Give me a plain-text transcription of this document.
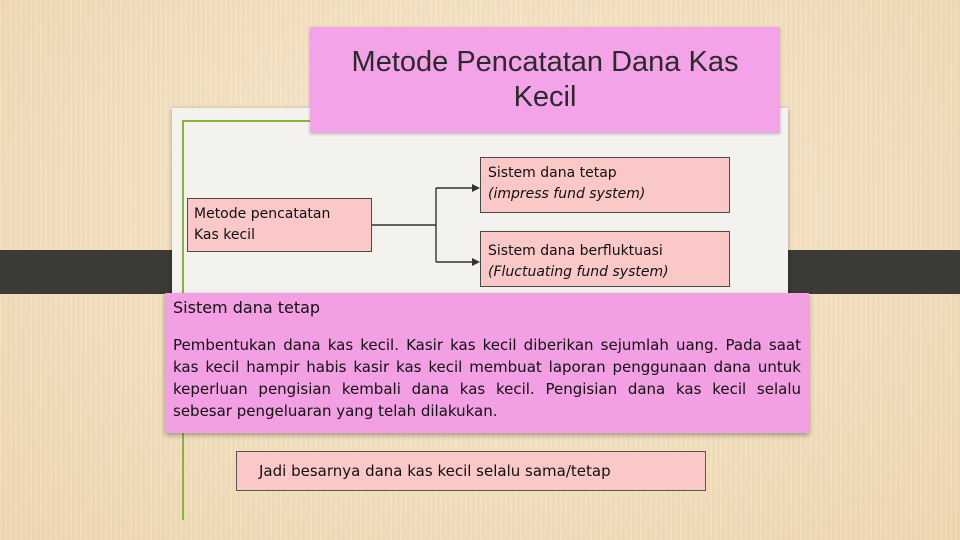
Metode Pencatatan Dana Kas Kecil
Metode pencatatan
Kas kecil
Sistem dana tetap
(impress fund system)
Sistem dana berfluktuasi
(Fluctuating fund system)
Sistem dana tetap
Pembentukan dana kas kecil. Kasir kas kecil diberikan sejumlah uang. Pada saat kas kecil hampir habis kasir kas kecil membuat laporan penggunaan dana untuk keperluan pengisian kembali dana kas kecil. Pengisian dana kas kecil selalu sebesar pengeluaran yang telah dilakukan.
Jadi besarnya dana kas kecil selalu sama/tetap
